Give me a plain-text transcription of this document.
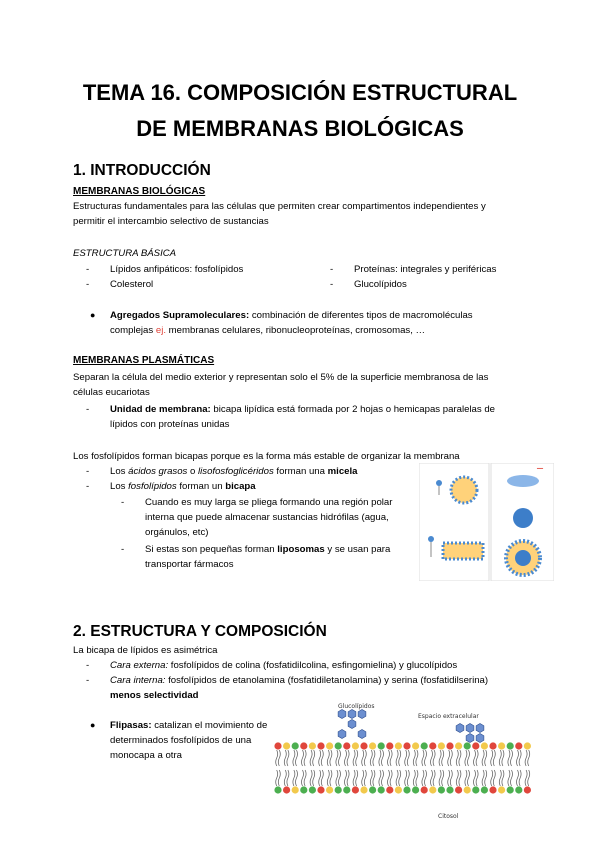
TEMA 16. COMPOSICIÓN ESTRUCTURAL
DE MEMBRANAS BIOLÓGICAS
1. INTRODUCCIÓN
MEMBRANAS BIOLÓGICAS
Estructuras fundamentales para las células que permiten crear compartimentos independientes y
permitir el intercambio selectivo de sustancias
ESTRUCTURA BÁSICA
- Lípidos anfipáticos: fosfolípidos
- Colesterol
- Proteínas: integrales y periféricas
- Glucolípidos
● Agregados Supramoleculares: combinación de diferentes tipos de macromoléculas
complejas ej. membranas celulares, ribonucleoproteínas, cromosomas, …
MEMBRANAS PLASMÁTICAS
Separan la célula del medio exterior y representan solo el 5% de la superficie membranosa de las
células eucariotas
- Unidad de membrana: bicapa lipídica está formada por 2 hojas o hemicapas paralelas de
lípidos con proteínas unidas
Los fosfolípidos forman bicapas porque es la forma más estable de organizar la membrana
- Los ácidos grasos o lisofosfoglicéridos forman una micela
- Los fosfolípidos forman un bicapa
- Cuando es muy larga se pliega formando una región polar
interna que puede almacenar sustancias hidrófilas (agua,
orgánulos, etc)
- Si estas son pequeñas forman liposomas y se usan para
transportar fármacos
━━
2. ESTRUCTURA Y COMPOSICIÓN
La bicapa de lípidos es asimétrica
- Cara externa: fosfolípidos de colina (fosfatidilcolina, esfingomielina) y glucolípidos
- Cara interna: fosfolípidos de etanolamina (fosfatidiletanolamina) y serina (fosfatidilserina)
menos selectividad
● Flipasas: catalizan el movimiento de
determinados fosfolípidos de una
monocapa a otra
Glucolípidos
Espacio extracelular
Citosol
